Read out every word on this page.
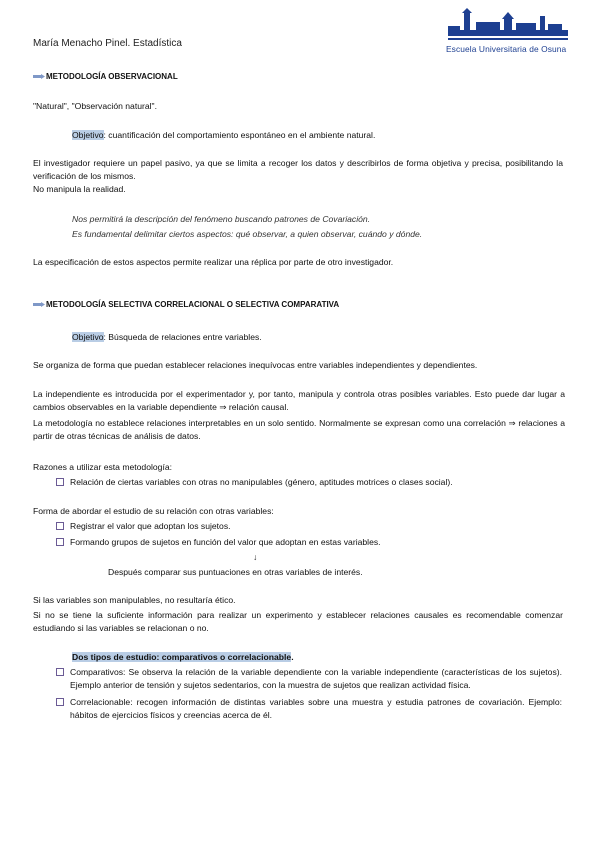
María Menacho Pinel. Estadística	Escuela Universitaria de Osuna
METODOLOGÍA OBSERVACIONAL
"Natural", "Observación natural".
Objetivo: cuantificación del comportamiento espontáneo en el ambiente natural.
El investigador requiere un papel pasivo, ya que se limita a recoger los datos y describirlos de forma objetiva y precisa, posibilitando la verificación de los mismos.
No manipula la realidad.
Nos permitirá la descripción del fenómeno buscando patrones de Covariación.
Es fundamental delimitar ciertos aspectos: qué observar, a quien observar, cuándo y dónde.
La especificación de estos aspectos permite realizar una réplica por parte de otro investigador.
METODOLOGÍA SELECTIVA CORRELACIONAL O SELECTIVA COMPARATIVA
Objetivo: Búsqueda de relaciones entre variables.
Se organiza de forma que puedan establecer relaciones inequívocas entre variables independientes y dependientes.
La independiente es introducida por el experimentador y, por tanto, manipula y controla otras posibles variables. Esto puede dar lugar a cambios observables en la variable dependiente ⇒ relación causal.
La metodología no establece relaciones interpretables en un solo sentido. Normalmente se expresan como una correlación ⇒ relaciones a partir de otras técnicas de análisis de datos.
Razones a utilizar esta metodología:
Relación de ciertas variables con otras no manipulables (género, aptitudes motrices o clases social).
Forma de abordar el estudio de su relación con otras variables:
Registrar el valor que adoptan los sujetos.
Formando grupos de sujetos en función del valor que adoptan en estas variables.
↓
Después comparar sus puntuaciones en otras variables de interés.
Si las variables son manipulables, no resultaría ético.
Si no se tiene la suficiente información para realizar un experimento y establecer relaciones causales es recomendable comenzar estudiando si las variables se relacionan o no.
Dos tipos de estudio: comparativos o correlacionable.
Comparativos: Se observa la relación de la variable dependiente con la variable independiente (características de los sujetos). Ejemplo anterior de tensión y sujetos sedentarios, con la muestra de sujetos que realizan actividad física.
Correlacionable: recogen información de distintas variables sobre una muestra y estudia patrones de covariación. Ejemplo: hábitos de ejercicios físicos y creencias acerca de él.
